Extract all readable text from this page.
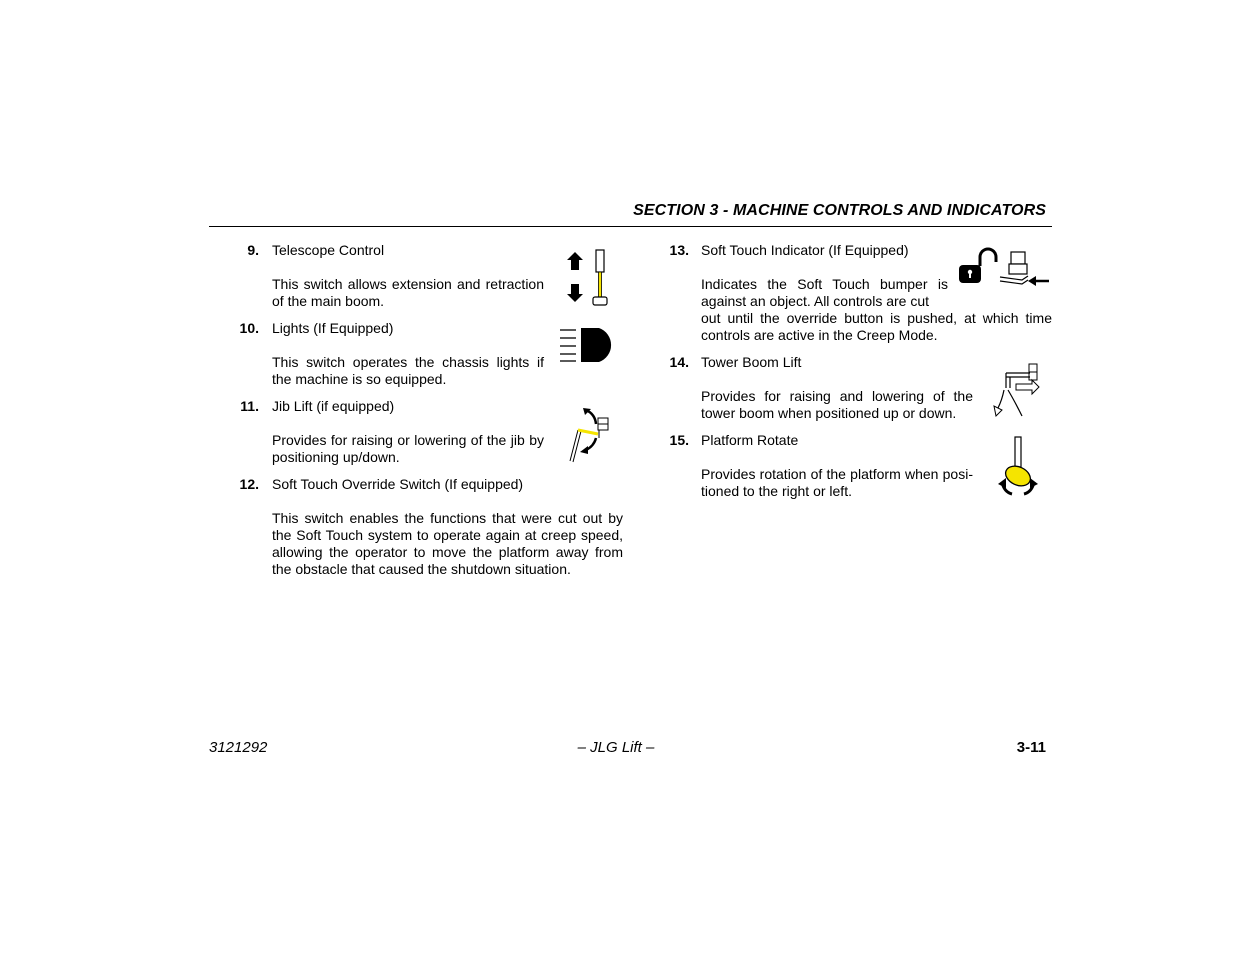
SECTION 3 - MACHINE CONTROLS AND INDICATORS
9. Telescope Control
This switch allows extension and retraction of the main boom.
10. Lights (If Equipped)
This switch operates the chassis lights if the machine is so equipped.
11. Jib Lift (if equipped)
Provides for raising or lowering of the jib by positioning up/down.
12. Soft Touch Override Switch (If equipped)
This switch enables the functions that were cut out by the Soft Touch system to operate again at creep speed, allowing the operator to move the platform away from the obstacle that caused the shutdown situation.
13. Soft Touch Indicator (If Equipped)
Indicates the Soft Touch bumper is against an object. All controls are cut
out until the override button is pushed, at which time controls are active in the Creep Mode.
14. Tower Boom Lift
Provides for raising and lowering of the tower boom when positioned up or down.
15. Platform Rotate
Provides rotation of the platform when posi- tioned to the right or left.
3121292	– JLG Lift –	3-11
